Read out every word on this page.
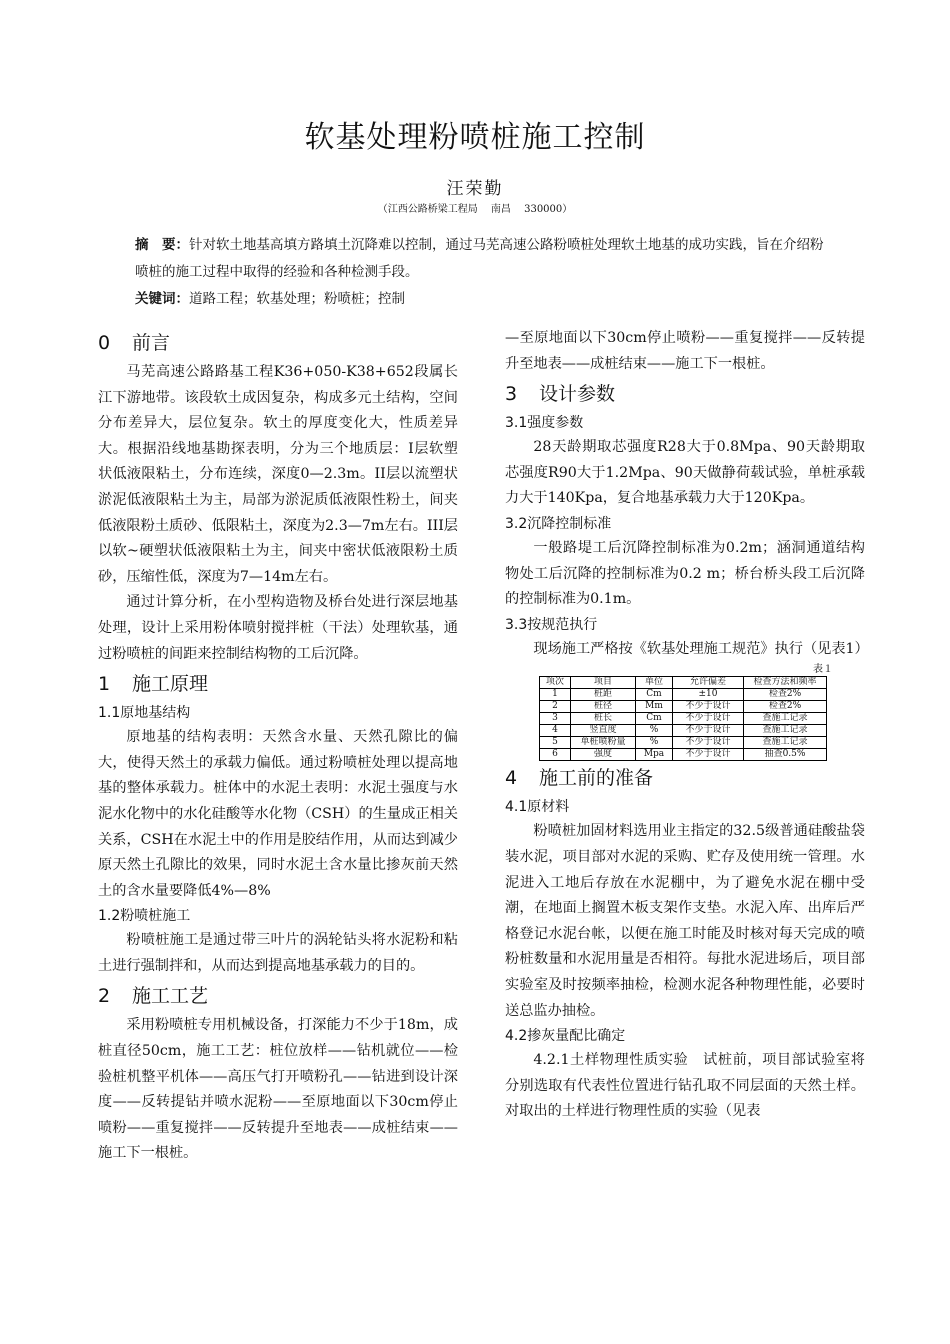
软基处理粉喷桩施工控制
汪荣勤
（江西公路桥梁工程局　 南昌　 330000）
摘　要：针对软土地基高填方路填土沉降难以控制，通过马芜高速公路粉喷桩处理软土地基的成功实践，旨在介绍粉喷桩的施工过程中取得的经验和各种检测手段。
关键词：道路工程；软基处理；粉喷桩；控制
0 前言

马芜高速公路路基工程K36+050-K38+652段属长江下游地带。该段软土成因复杂，构成多元土结构，空间分布差异大，层位复杂。软土的厚度变化大，性质差异大。根据沿线地基勘探表明，分为三个地质层：I层软塑状低液限粘土，分布连续，深度0—2.3m。II层以流塑状淤泥低液限粘土为主，局部为淤泥质低液限性粉土，间夹低液限粉土质砂、低限粘土，深度为2.3—7m左右。III层以软~硬塑状低液限粘土为主，间夹中密状低液限粉土质砂，压缩性低，深度为7—14m左右。

通过计算分析，在小型构造物及桥台处进行深层地基处理，设计上采用粉体喷射搅拌桩（干法）处理软基，通过粉喷桩的间距来控制结构物的工后沉降。

1 施工原理
1.1原地基结构

原地基的结构表明：天然含水量、天然孔隙比的偏大，使得天然土的承载力偏低。通过粉喷桩处理以提高地基的整体承载力。桩体中的水泥土表明：水泥土强度与水泥水化物中的水化硅酸等水化物（CSH）的生量成正相关关系，CSH在水泥土中的作用是胶结作用，从而达到减少原天然土孔隙比的效果，同时水泥土含水量比掺灰前天然土的含水量要降低4%—8%

1.2粉喷桩施工

粉喷桩施工是通过带三叶片的涡轮钻头将水泥粉和粘土进行强制拌和，从而达到提高地基承载力的目的。

2 施工工艺

采用粉喷桩专用机械设备，打深能力不少于18m，成桩直径50cm，施工工艺：桩位放样——钻机就位——检验桩机整平机体——高压气打开喷粉孔——钻进到设计深度——反转提钻并喷水泥粉——至原地面以下30cm停止喷粉——重复搅拌——反转提升至地表——成桩结束——施工下一根桩。

—至原地面以下30cm停止喷粉——重复搅拌——反转提升至地表——成桩结束——施工下一根桩。

3 设计参数
3.1强度参数

28天龄期取芯强度R28大于0.8Mpa、90天龄期取芯强度R90大于1.2Mpa、90天做静荷载试验，单桩承载力大于140Kpa，复合地基承载力大于120Kpa。

3.2沉降控制标准

一般路堤工后沉降控制标准为0.2m；涵洞通道结构物处工后沉降的控制标准为0.2 m；桥台桥头段工后沉降的控制标准为0.1m。

3.3按规范执行

现场施工严格按《软基处理施工规范》执行（见表1）

表１
项次	项目	单位	允许偏差	检查方法和频率
1	桩距	Cm	±10	检查2%
2	桩径	Mm	不少于设计	检查2%
3	桩长	Cm	不少于设计	查施工记录
4	竖直度	%	不少于设计	查施工记录
5	单桩喷粉量	%	不少于设计	查施工记录
6	强度	Mpa	不少于设计	抽查0.5%
4 施工前的准备
4.1原材料

粉喷桩加固材料选用业主指定的32.5级普通硅酸盐袋装水泥，项目部对水泥的采购、贮存及使用统一管理。水泥进入工地后存放在水泥棚中，为了避免水泥在棚中受潮，在地面上搁置木板支架作支垫。水泥入库、出库后严格登记水泥台帐，以便在施工时能及时核对每天完成的喷粉桩数量和水泥用量是否相符。每批水泥进场后，项目部实验室及时按频率抽检，检测水泥各种物理性能，必要时送总监办抽检。

4.2掺灰量配比确定

4.2.1土样物理性质实验　试桩前，项目部试验室将分别选取有代表性位置进行钻孔取不同层面的天然土样。对取出的土样进行物理性质的实验（见表
